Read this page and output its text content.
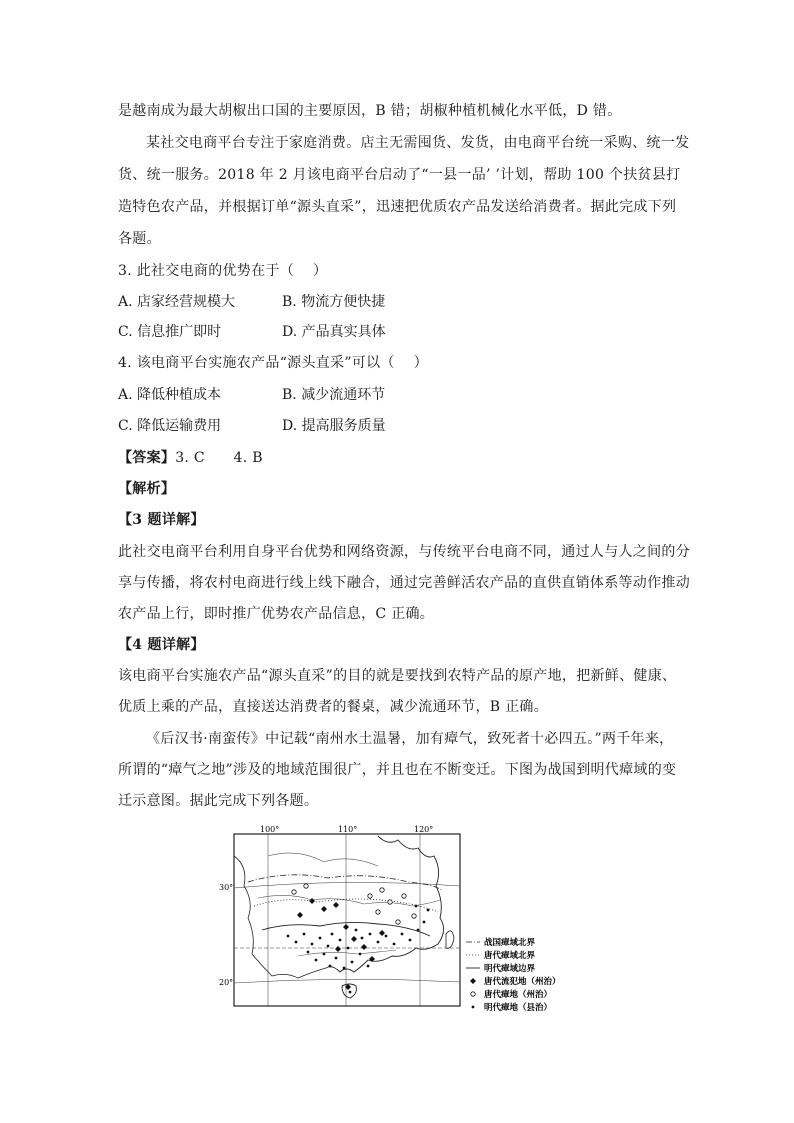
是越南成为最大胡椒出口国的主要原因，B 错；胡椒种植机械化水平低，D 错。
某社交电商平台专注于家庭消费。店主无需囤货、发货，由电商平台统一采购、统一发
货、统一服务。2018 年 2 月该电商平台启动了“一县一品’ ’计划，帮助 100 个扶贫县打
造特色农产品，并根据订单“源头直采”，迅速把优质农产品发送给消费者。据此完成下列
各题。
3. 此社交电商的优势在于（　 ）
A. 店家经营规模大	B. 物流方便快捷
C. 信息推广即时	D. 产品真实具体
4. 该电商平台实施农产品“源头直采”可以（　 ）
A. 降低种植成本	B. 减少流通环节
C. 降低运输费用	D. 提高服务质量
【答案】3. C　　4. B
【解析】
【3 题详解】
此社交电商平台利用自身平台优势和网络资源，与传统平台电商不同，通过人与人之间的分
享与传播，将农村电商进行线上线下融合，通过完善鲜活农产品的直供直销体系等动作推动
农产品上行，即时推广优势农产品信息，C 正确。
【4 题详解】
该电商平台实施农产品“源头直采”的目的就是要找到农特产品的原产地，把新鲜、健康、
优质上乘的产品，直接送达消费者的餐桌，减少流通环节，B 正确。
《后汉书·南蛮传》中记载“南州水土温暑，加有瘴气，致死者十必四五。”两千年来，
所谓的“瘴气之地”涉及的地域范围很广，并且也在不断变迁。下图为战国到明代瘴域的变
迁示意图。据此完成下列各题。
100°	110°	120°
30°
20°
战国瘴域北界
唐代瘴域北界
明代瘴域边界
唐代流犯地（州治）
唐代瘴地（州治）
明代瘴地（县治）
